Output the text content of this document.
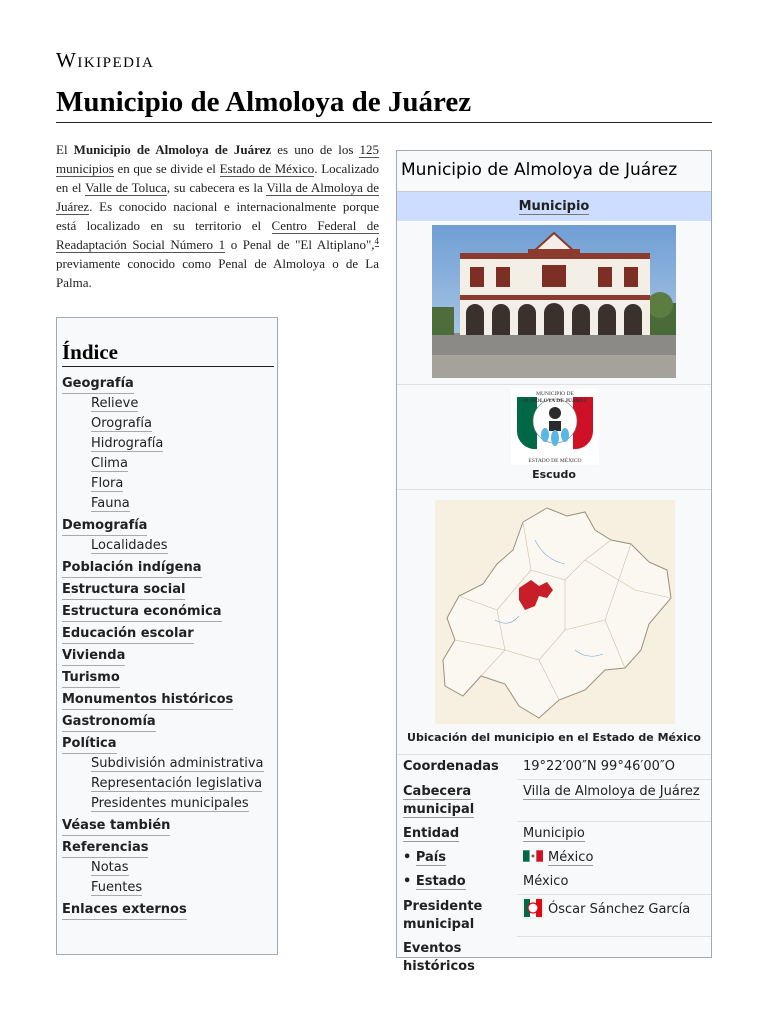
Wikipedia
Municipio de Almoloya de Juárez

El Municipio de Almoloya de Juárez es uno de los 125 municipios en que se divide el Estado de México. Localizado en el Valle de Toluca, su cabecera es la Villa de Almoloya de Juárez. Es conocido nacional e internacionalmente porque está localizado en su territorio el Centro Federal de Readaptación Social Número 1 o Penal de "El Altiplano",$^4$ previamente conocido como Penal de Almoloya o de La Palma.

Índice
Geografía
Relieve
Orografía
Hidrografía
Clima
Flora
Fauna
Demografía
Localidades
Población indígena
Estructura social
Estructura económica
Educación escolar
Vivienda
Turismo
Monumentos históricos
Gastronomía
Política
Subdivisión administrativa
Representación legislativa
Presidentes municipales
Véase también
Referencias
Notas
Fuentes
Enlaces externos
Municipio de Almoloya de Juárez
Municipio
MUNICIPIO DE
ALMOLOYA DE JUÁREZ
ESTADO DE MÉXICO
Escudo
Ubicación del municipio en el Estado de México
Coordenadas	19°22′00″N 99°46′00″O
Cabecera municipal	Villa de Almoloya de Juárez
Entidad	Municipio
• País	México
• Estado	México
Presidente municipal	Óscar Sánchez García
Eventos históricos	
